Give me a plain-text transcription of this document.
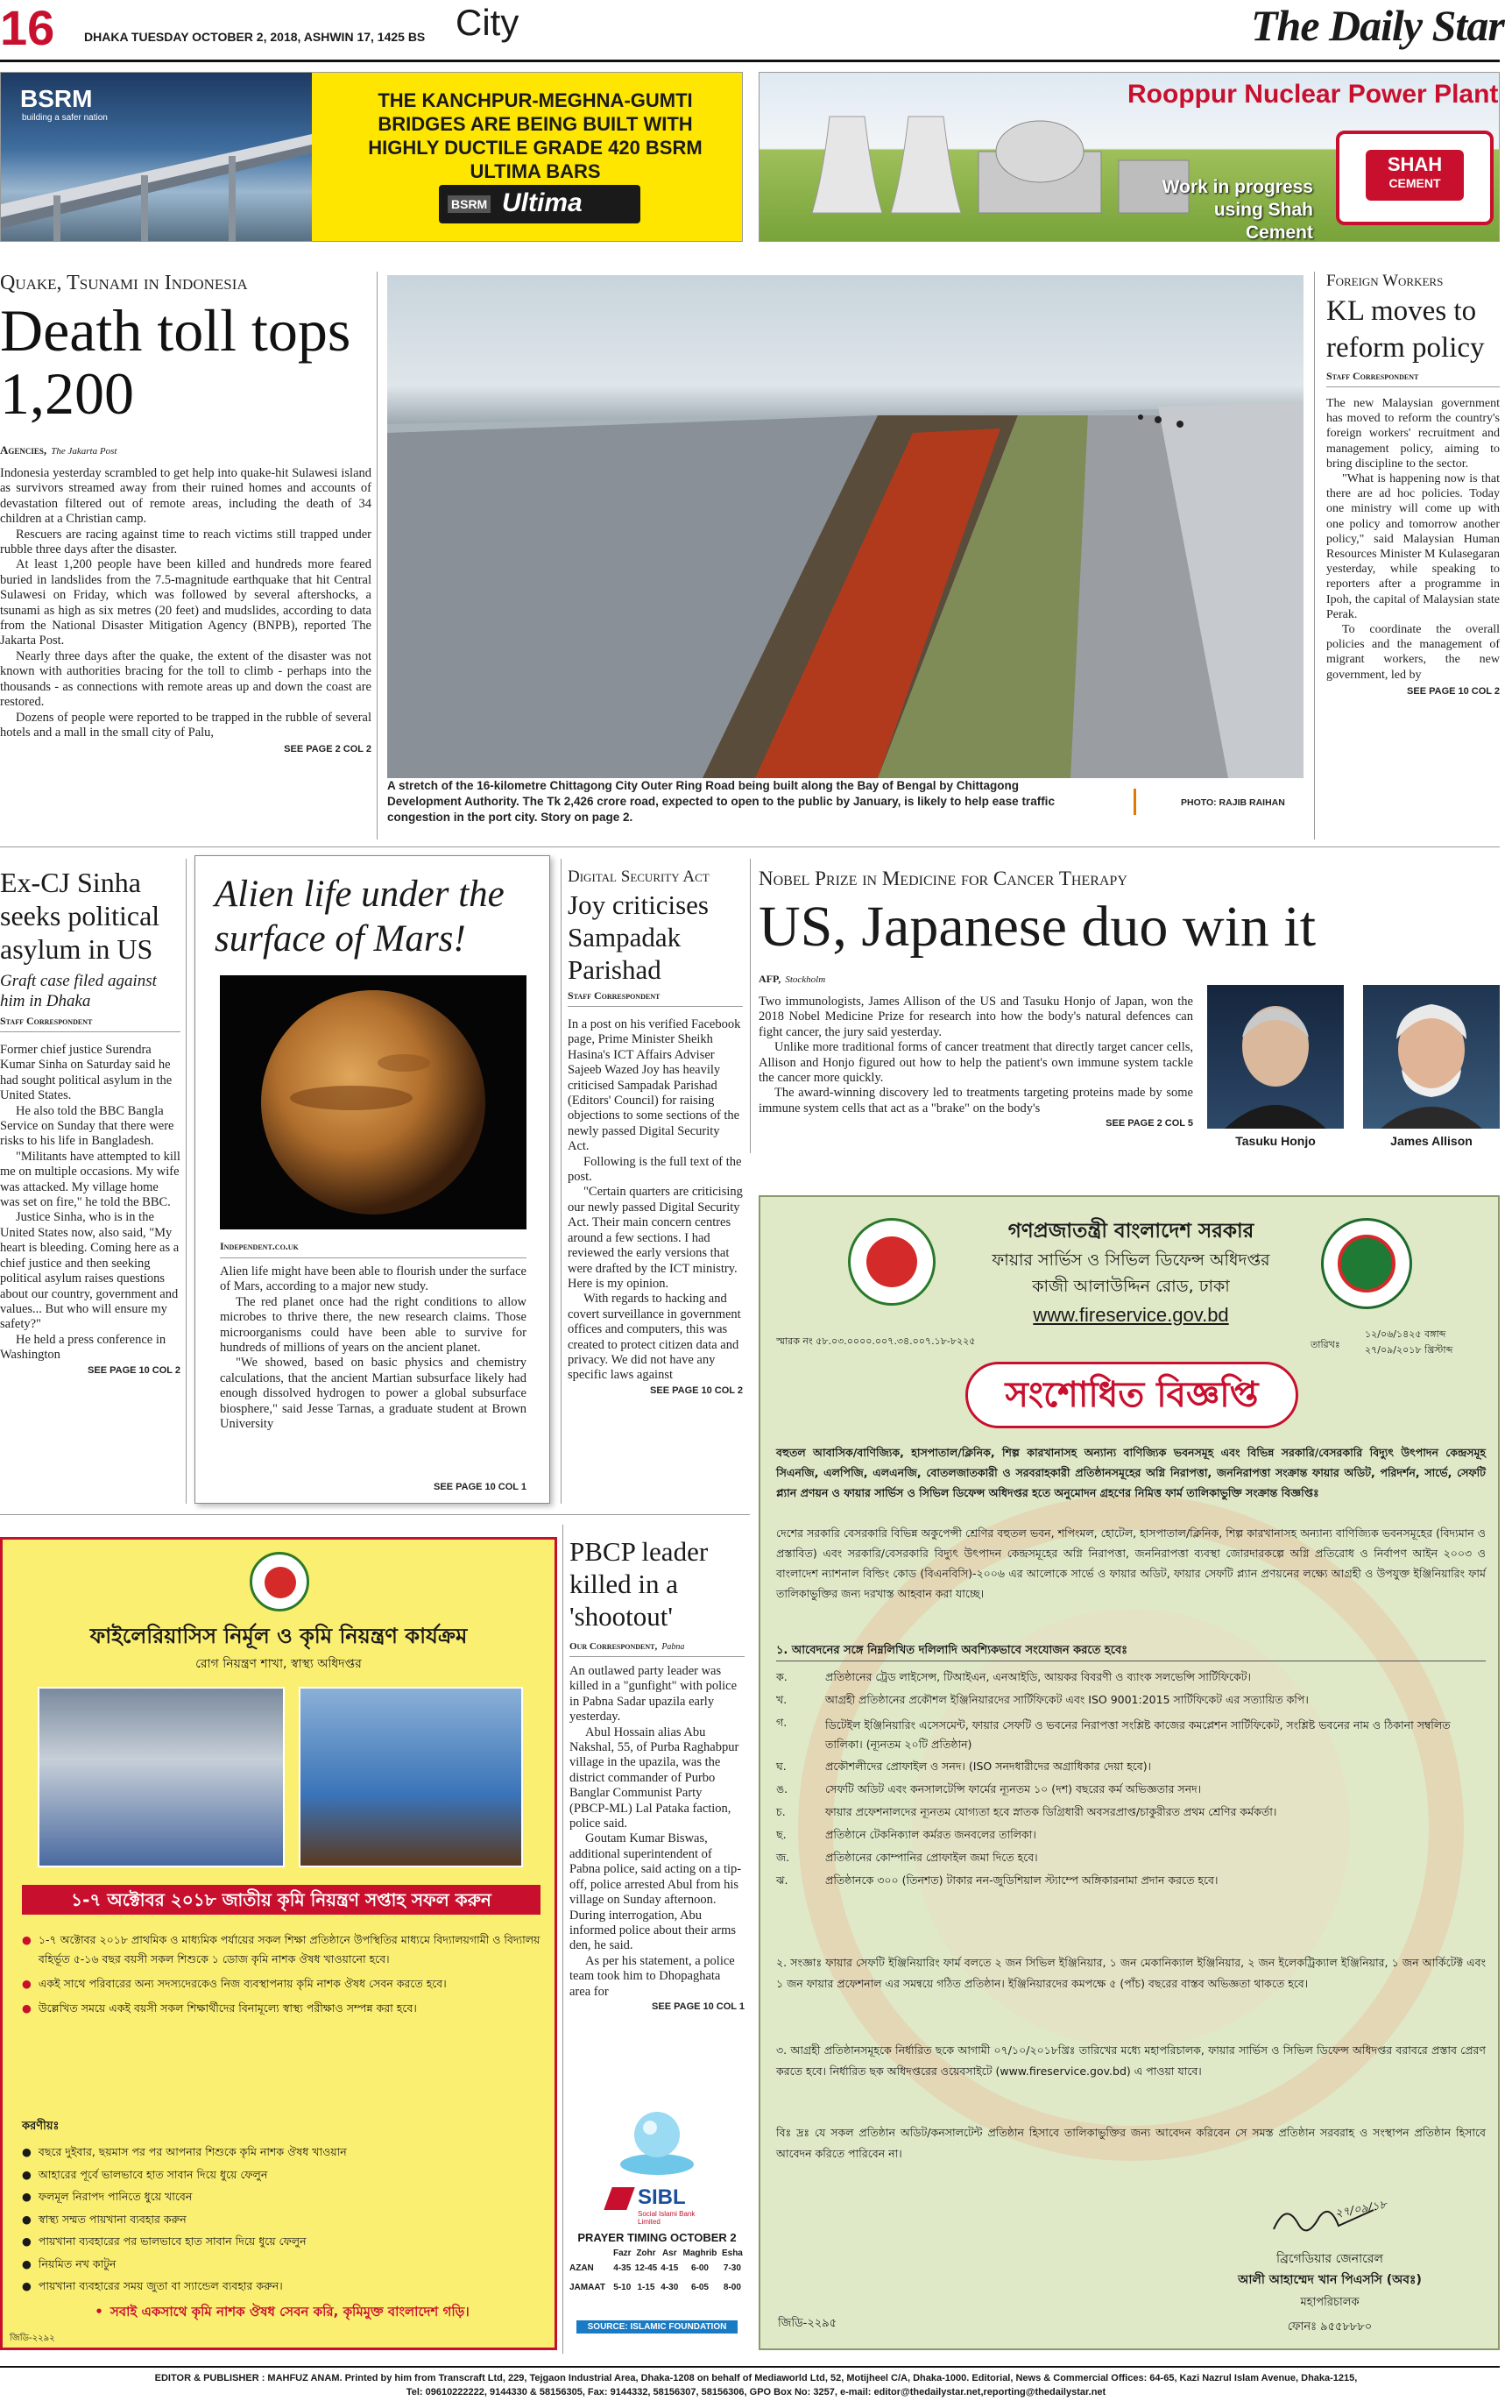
16 DHAKA TUESDAY OCTOBER 2, 2018, ASHWIN 17, 1425 BS City	The Daily Star
BSRM
building a safer nation
THE KANCHPUR-MEGHNA-GUMTI BRIDGES ARE BEING BUILT WITH HIGHLY DUCTILE GRADE 420 BSRM ULTIMA BARS
BSRM Ultima
Rooppur Nuclear Power Plant
Work in progress using Shah Cement
SHAH
CEMENT
Quake, Tsunami in Indonesia
Death toll tops 1,200
Agencies, The Jakarta Post

Indonesia yesterday scrambled to get help into quake-hit Sulawesi island as survivors streamed away from their ruined homes and accounts of devastation filtered out of remote areas, including the death of 34 children at a Christian camp.

Rescuers are racing against time to reach victims still trapped under rubble three days after the disaster.

At least 1,200 people have been killed and hundreds more feared buried in landslides from the 7.5-magnitude earthquake that hit Central Sulawesi on Friday, which was followed by several aftershocks, a tsunami as high as six metres (20 feet) and mudslides, according to data from the National Disaster Mitigation Agency (BNPB), reported The Jakarta Post.

Nearly three days after the quake, the extent of the disaster was not known with authorities bracing for the toll to climb - perhaps into the thousands - as connections with remote areas up and down the coast are restored.

Dozens of people were reported to be trapped in the rubble of several hotels and a mall in the small city of Palu,

SEE PAGE 2 COL 2
A stretch of the 16-kilometre Chittagong City Outer Ring Road being built along the Bay of Bengal by Chittagong Development Authority. The Tk 2,426 crore road, expected to open to the public by January, is likely to help ease traffic congestion in the port city. Story on page 2.
PHOTO: RAJIB RAIHAN
Foreign Workers
KL moves to reform policy
Staff Correspondent

The new Malaysian government has moved to reform the country's foreign workers' recruitment and management policy, aiming to bring discipline to the sector.

"What is happening now is that there are ad hoc policies. Today one ministry will come up with one policy and tomorrow another policy," said Malaysian Human Resources Minister M Kulasegaran yesterday, while speaking to reporters after a programme in Ipoh, the capital of Malaysian state Perak.

To coordinate the overall policies and the management of migrant workers, the new government, led by

SEE PAGE 10 COL 2
Ex-CJ Sinha seeks political asylum in US
Graft case filed against him in Dhaka
Staff Correspondent

Former chief justice Surendra Kumar Sinha on Saturday said he had sought political asylum in the United States.

He also told the BBC Bangla Service on Sunday that there were risks to his life in Bangladesh.

"Militants have attempted to kill me on multiple occasions. My wife was attacked. My village home was set on fire," he told the BBC.

Justice Sinha, who is in the United States now, also said, "My heart is bleeding. Coming here as a chief justice and then seeking political asylum raises questions about our country, government and values... But who will ensure my safety?"

He held a press conference in Washington

SEE PAGE 10 COL 2
Alien life under the surface of Mars!
Independent.co.uk

Alien life might have been able to flourish under the surface of Mars, according to a major new study.

The red planet once had the right conditions to allow microbes to thrive there, the new research claims. Those microorganisms could have been able to survive for hundreds of millions of years on the ancient planet.

"We showed, based on basic physics and chemistry calculations, that the ancient Martian subsurface likely had enough dissolved hydrogen to power a global subsurface biosphere," said Jesse Tarnas, a graduate student at Brown University

SEE PAGE 10 COL 1
Digital Security Act
Joy criticises Sampadak Parishad
Staff Correspondent

In a post on his verified Facebook page, Prime Minister Sheikh Hasina's ICT Affairs Adviser Sajeeb Wazed Joy has heavily criticised Sampadak Parishad (Editors' Council) for raising objections to some sections of the newly passed Digital Security Act.

Following is the full text of the post.

"Certain quarters are criticising our newly passed Digital Security Act. Their main concern centres around a few sections. I had reviewed the early versions that were drafted by the ICT ministry. Here is my opinion.

With regards to hacking and covert surveillance in government offices and computers, this was created to protect citizen data and privacy. We did not have any specific laws against

SEE PAGE 10 COL 2
Nobel Prize in Medicine for Cancer Therapy
US, Japanese duo win it
AFP, Stockholm

Two immunologists, James Allison of the US and Tasuku Honjo of Japan, won the 2018 Nobel Medicine Prize for research into how the body's natural defences can fight cancer, the jury said yesterday.

Unlike more traditional forms of cancer treatment that directly target cancer cells, Allison and Honjo figured out how to help the patient's own immune system tackle the cancer more quickly.

The award-winning discovery led to treatments targeting proteins made by some immune system cells that act as a "brake" on the body's

SEE PAGE 2 COL 5
Tasuku Honjo	James Allison
গণপ্রজাতন্ত্রী বাংলাদেশ সরকার
ফায়ার সার্ভিস ও সিভিল ডিফেন্স অধিদপ্তর
কাজী আলাউদ্দিন রোড, ঢাকা
www.fireservice.gov.bd
স্মারক নং ৫৮.০৩.০০০০.০০৭.৩৪.০০৭.১৮-৮২২৫	তারিখঃ
১২/০৬/১৪২৫ বঙ্গাব্দ
২৭/০৯/২০১৮ খ্রিস্টাব্দ
সংশোধিত বিজ্ঞপ্তি
বহুতল আবাসিক/বাণিজ্যিক, হাসপাতাল/ক্লিনিক, শিল্প কারখানাসহ অন্যান্য বাণিজ্যিক ভবনসমূহ এবং বিভিন্ন সরকারি/বেসরকারি বিদ্যুৎ উৎপাদন কেন্দ্রসমূহ সিএনজি, এলপিজি, এলএনজি, বোতলজাতকারী ও সরবরাহকারী প্রতিষ্ঠানসমূহের অগ্নি নিরাপত্তা, জননিরাপত্তা সংক্রান্ত ফায়ার অডিট, পরিদর্শন, সার্ভে, সেফটি প্ল্যান প্রণয়ন ও ফায়ার সার্ভিস ও সিভিল ডিফেন্স অধিদপ্তর হতে অনুমোদন গ্রহণের নিমিত্ত ফার্ম তালিকাভুক্তি সংক্রান্ত বিজ্ঞপ্তিঃ
দেশের সরকারি বেসরকারি বিভিন্ন অকুপেন্সী শ্রেণির বহুতল ভবন, শপিংমল, হোটেল, হাসপাতাল/ক্লিনিক, শিল্প কারখানাসহ অন্যান্য বাণিজ্যিক ভবনসমূহের (বিদ্যমান ও প্রস্তাবিত) এবং সরকারি/বেসরকারি বিদ্যুৎ উৎপাদন কেন্দ্রসমূহের অগ্নি নিরাপত্তা, জননিরাপত্তা ব্যবস্থা জোরদারকল্পে অগ্নি প্রতিরোধ ও নির্বাপণ আইন ২০০৩ ও বাংলাদেশ ন্যাশনাল বিল্ডিং কোড (বিএনবিসি)-২০০৬ এর আলোকে সার্ভে ও ফায়ার অডিট, ফায়ার সেফটি প্ল্যান প্রণয়নের লক্ষ্যে আগ্রহী ও উপযুক্ত ইঞ্জিনিয়ারিং ফার্ম তালিকাভুক্তির জন্য দরখাস্ত আহবান করা যাচ্ছে।
১. আবেদনের সঙ্গে নিম্নলিখিত দলিলাদি অবশ্যিকভাবে সংযোজন করতে হবেঃ
ক.	প্রতিষ্ঠানের ট্রেড লাইসেন্স, টিআইএন, এনআইডি, আয়কর বিবরণী ও ব্যাংক সলভেন্সি সার্টিফিকেট।
খ.	আগ্রহী প্রতিষ্ঠানের প্রকৌশল ইঞ্জিনিয়ারদের সার্টিফিকেট এবং ISO 9001:2015 সার্টিফিকেট এর সত্যায়িত কপি।
গ.	ডিটেইল ইঞ্জিনিয়ারিং এসেসমেন্ট, ফায়ার সেফটি ও ভবনের নিরাপত্তা সংশ্লিষ্ট কাজের কমপ্লেশন সার্টিফিকেট, সংশ্লিষ্ট ভবনের নাম ও ঠিকানা সম্বলিত তালিকা। (ন্যূনতম ২০টি প্রতিষ্ঠান)
ঘ.	প্রকৌশলীদের প্রোফাইল ও সনদ। (ISO সনদধারীদের অগ্রাধিকার দেয়া হবে)।
ঙ.	সেফটি অডিট এবং কনসালটেন্সি ফার্মের ন্যূনতম ১০ (দশ) বছরের কর্ম অভিজ্ঞতার সনদ।
চ.	ফায়ার প্রফেশনালদের ন্যূনতম যোগ্যতা হবে স্নাতক ডিগ্রিধারী অবসরপ্রাপ্ত/চাকুরীরত প্রথম শ্রেণির কর্মকর্তা।
ছ.	প্রতিষ্ঠানে টেকনিক্যাল কর্মরত জনবলের তালিকা।
জ.	প্রতিষ্ঠানের কোম্পানির প্রোফাইল জমা দিতে হবে।
ঝ.	প্রতিষ্ঠানকে ৩০০ (তিনশত) টাকার নন-জুডিশিয়াল স্ট্যাম্পে অঙ্গিকারনামা প্রদান করতে হবে।
২. সংজ্ঞাঃ ফায়ার সেফটি ইঞ্জিনিয়ারিং ফার্ম বলতে ২ জন সিভিল ইঞ্জিনিয়ার, ১ জন মেকানিক্যাল ইঞ্জিনিয়ার, ২ জন ইলেকট্রিক্যাল ইঞ্জিনিয়ার, ১ জন আর্কিটেক্ট এবং ১ জন ফায়ার প্রফেশনাল এর সমন্বয়ে গঠিত প্রতিষ্ঠান। ইঞ্জিনিয়ারদের কমপক্ষে ৫ (পাঁচ) বছরের বাস্তব অভিজ্ঞতা থাকতে হবে।
৩. আগ্রহী প্রতিষ্ঠানসমূহকে নির্ধারিত ছকে আগামী ০৭/১০/২০১৮খ্রিঃ তারিখের মধ্যে মহাপরিচালক, ফায়ার সার্ভিস ও সিভিল ডিফেন্স অধিদপ্তর বরাবরে প্রস্তাব প্রেরণ করতে হবে। নির্ধারিত ছক অধিদপ্তরের ওয়েবসাইটে (www.fireservice.gov.bd) এ পাওয়া যাবে।
বিঃ দ্রঃ যে সকল প্রতিষ্ঠান অডিট/কনসালটেন্ট প্রতিষ্ঠান হিসাবে তালিকাভুক্তির জন্য আবেদন করিবেন সে সমস্ত প্রতিষ্ঠান সরবরাহ ও সংস্থাপন প্রতিষ্ঠান হিসাবে আবেদন করিতে পারিবেন না।
২৭/০৯/১৮
ব্রিগেডিয়ার জেনারেল
আলী আহাম্মেদ খান পিএসসি (অবঃ)
মহাপরিচালক
ফোনঃ ৯৫৫৮৮৮০
জিডি-২২৯৫
ফাইলেরিয়াসিস নির্মূল ও কৃমি নিয়ন্ত্রণ কার্যক্রম
রোগ নিয়ন্ত্রণ শাখা, স্বাস্থ্য অধিদপ্তর
১-৭ অক্টোবর ২০১৮ জাতীয় কৃমি নিয়ন্ত্রণ সপ্তাহ সফল করুন
● ১-৭ অক্টোবর ২০১৮ প্রাথমিক ও মাধ্যমিক পর্যায়ের সকল শিক্ষা প্রতিষ্ঠানে উপস্থিতির মাধ্যমে বিদ্যালয়গামী ও বিদ্যালয় বহির্ভূত ৫-১৬ বছর বয়সী সকল শিশুকে ১ ডোজ কৃমি নাশক ঔষধ খাওয়ানো হবে।
● একই সাথে পরিবারের অন্য সদস্যদেরকেও নিজ ব্যবস্থাপনায় কৃমি নাশক ঔষধ সেবন করতে হবে।
● উল্লেখিত সময়ে একই বয়সী সকল শিক্ষার্থীদের বিনামূল্যে স্বাস্থ্য পরীক্ষাও সম্পন্ন করা হবে।
করণীয়ঃ
● বছরে দুইবার, ছয়মাস পর পর আপনার শিশুকে কৃমি নাশক ঔষধ খাওয়ান
● আহারের পূর্বে ভালভাবে হাত সাবান দিয়ে ধুয়ে ফেলুন
● ফলমূল নিরাপদ পানিতে ধুয়ে খাবেন
● স্বাস্থ্য সম্মত পায়খানা ব্যবহার করুন
● পায়খানা ব্যবহারের পর ভালভাবে হাত সাবান দিয়ে ধুয়ে ফেলুন
● নিয়মিত নখ কাটুন
● পায়খানা ব্যবহারের সময় জুতা বা স্যান্ডেল ব্যবহার করুন।
• সবাই একসাথে কৃমি নাশক ঔষধ সেবন করি, কৃমিমুক্ত বাংলাদেশ গড়ি।
জিডি-২২৯২
PBCP leader killed in a 'shootout'
Our Correspondent, Pabna

An outlawed party leader was killed in a "gunfight" with police in Pabna Sadar upazila early yesterday.

Abul Hossain alias Abu Nakshal, 55, of Purba Raghabpur village in the upazila, was the district commander of Purbo Banglar Communist Party (PBCP-ML) Lal Pataka faction, police said.

Goutam Kumar Biswas, additional superintendent of Pabna police, said acting on a tip-off, police arrested Abul from his village on Sunday afternoon. During interrogation, Abu informed police about their arms den, he said.

As per his statement, a police team took him to Dhopaghata area for

SEE PAGE 10 COL 1
SIBL
Social Islami Bank Limited
PRAYER TIMING OCTOBER 2
	Fazr	Zohr	Asr	Maghrib	Esha
AZAN	4-35	12-45	4-15	6-00	7-30
JAMAAT	5-10	1-15	4-30	6-05	8-00
SOURCE: ISLAMIC FOUNDATION
EDITOR & PUBLISHER : MAHFUZ ANAM. Printed by him from Transcraft Ltd, 229, Tejgaon Industrial Area, Dhaka-1208 on behalf of Mediaworld Ltd, 52, Motijheel C/A, Dhaka-1000. Editorial, News & Commercial Offices: 64-65, Kazi Nazrul Islam Avenue, Dhaka-1215,
Tel: 09610222222, 9144330 & 58156305, Fax: 9144332, 58156307, 58156306, GPO Box No: 3257, e-mail: editor@thedailystar.net,reporting@thedailystar.net
